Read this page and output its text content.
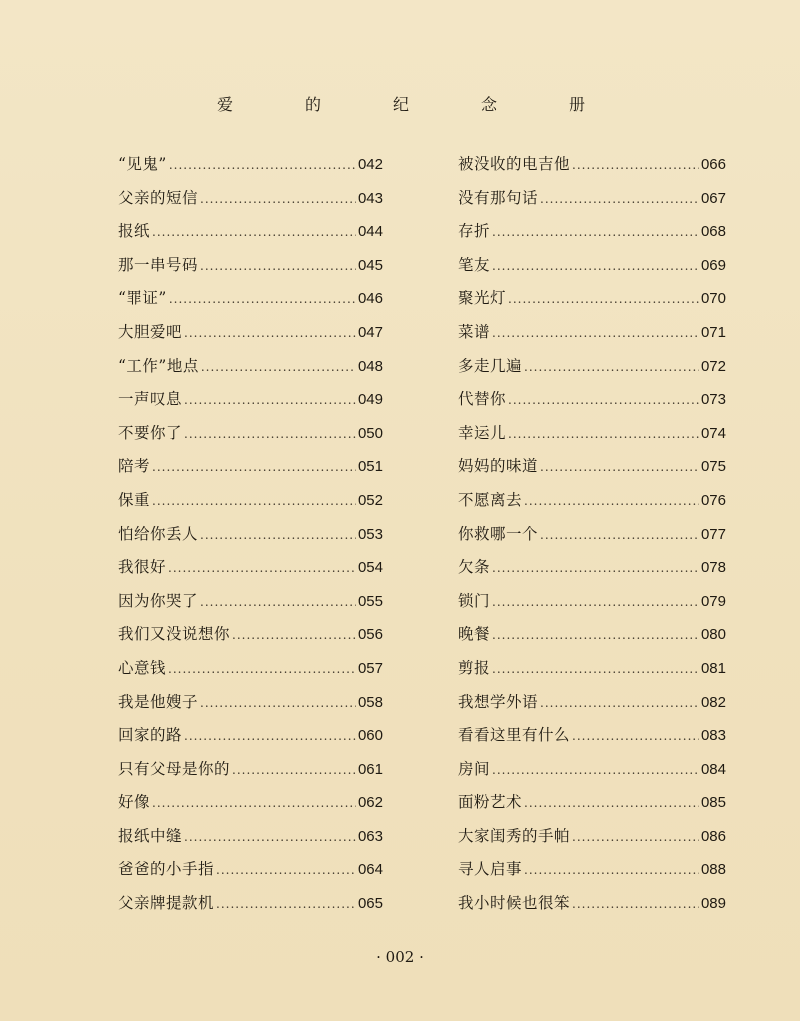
爱	的	纪	念	册
“见鬼” .....	042
父亲的短信 .....	043
报纸 .....	044
那一串号码 .....	045
“罪证” .....	046
大胆爱吧 .....	047
“工作”地点 .....	048
一声叹息 .....	049
不要你了 .....	050
陪考 .....	051
保重 .....	052
怕给你丢人 .....	053
我很好 .....	054
因为你哭了 .....	055
我们又没说想你 .....	056
心意钱 .....	057
我是他嫂子 .....	058
回家的路 .....	060
只有父母是你的 .....	061
好像 .....	062
报纸中缝 .....	063
爸爸的小手指 .....	064
父亲牌提款机 .....	065
被没收的电吉他 .....	066
没有那句话 .....	067
存折 .....	068
笔友 .....	069
聚光灯 .....	070
菜谱 .....	071
多走几遍 .....	072
代替你 .....	073
幸运儿 .....	074
妈妈的味道 .....	075
不愿离去 .....	076
你救哪一个 .....	077
欠条 .....	078
锁门 .....	079
晚餐 .....	080
剪报 .....	081
我想学外语 .....	082
看看这里有什么 .....	083
房间 .....	084
面粉艺术 .....	085
大家闺秀的手帕 .....	086
寻人启事 .....	088
我小时候也很笨 .....	089
· 002 ·
